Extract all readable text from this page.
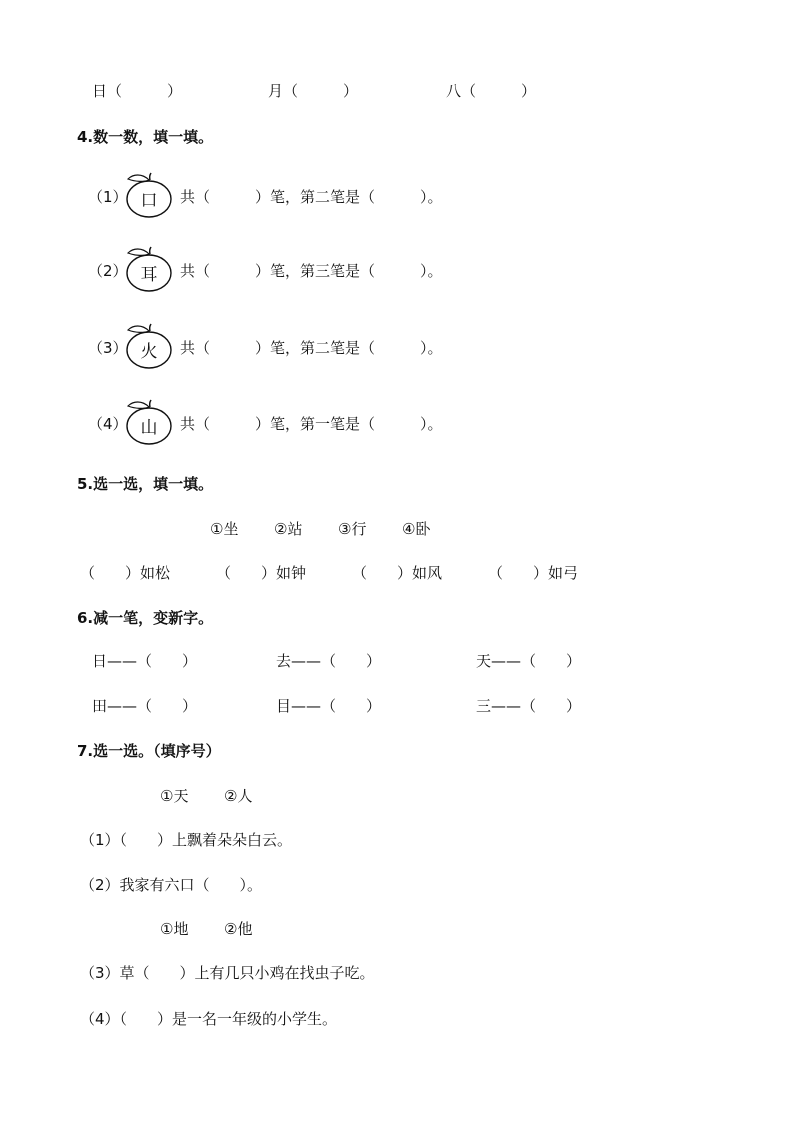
日（　　　）	月（　　　）	八（　　　）
4.数一数，填一填。
（1） 口	共（　　　）笔，第二笔是（　　　）。
（2） 耳	共（　　　）笔，第三笔是（　　　）。
（3） 火	共（　　　）笔，第二笔是（　　　）。
（4） 山	共（　　　）笔，第一笔是（　　　）。
5.选一选，填一填。
①坐 ②站 ③行 ④卧
（　　）如松	（　　）如钟	（　　）如风	（　　）如弓
6.减一笔，变新字。
日——（　　）	去——（　　）	天——（　　）
田——（　　）	目——（　　）	三——（　　）
7.选一选。（填序号）
①天 ②人
（1）（　　）上飘着朵朵白云。
（2）我家有六口（　　）。
①地 ②他
（3）草（　　）上有几只小鸡在找虫子吃。
（4）（　　）是一名一年级的小学生。
